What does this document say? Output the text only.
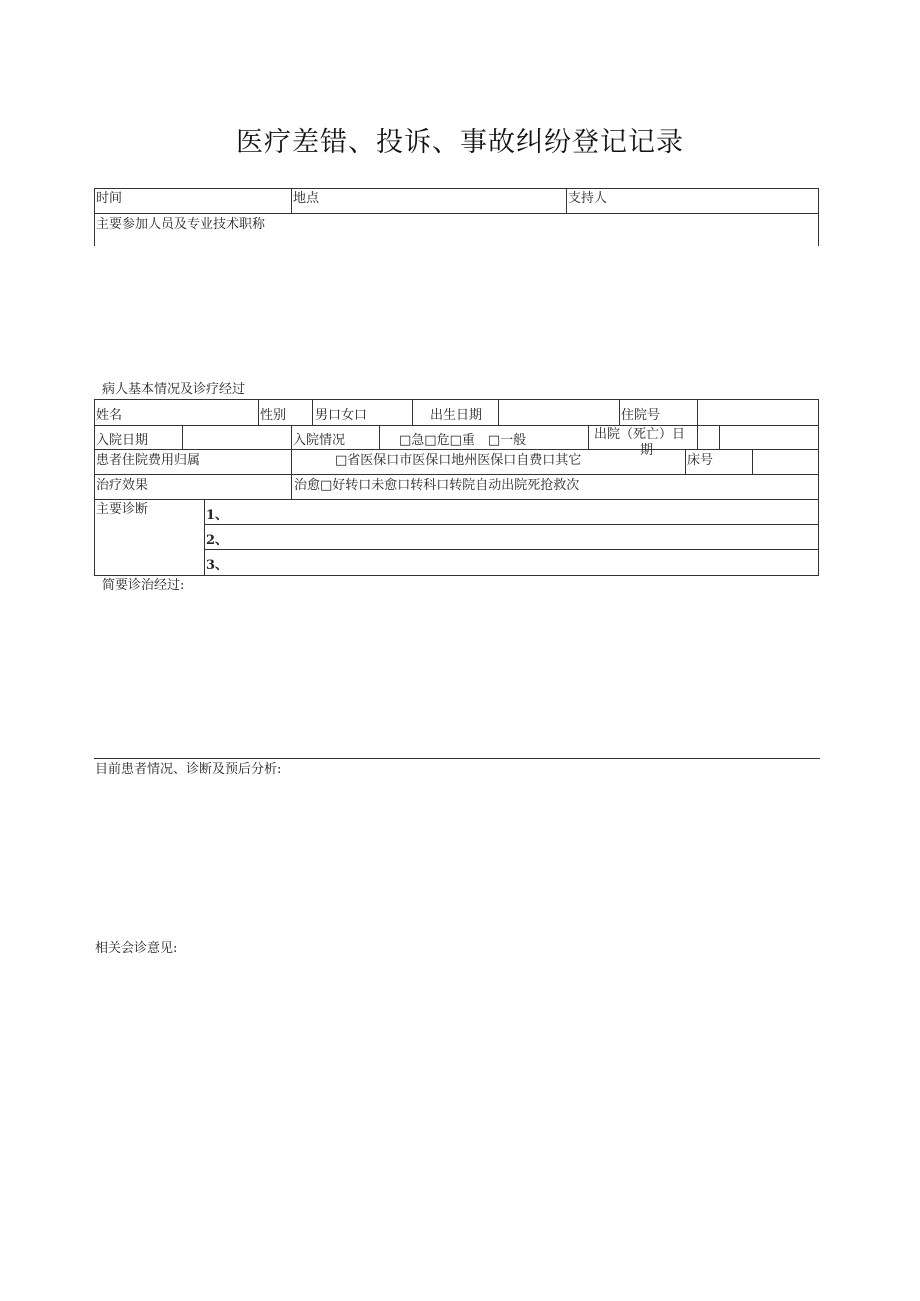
医疗差错、投诉、事故纠纷登记记录
时间	地点	支持人
主要参加人员及专业技术职称
病人基本情况及诊疗经过
姓名	性别 男口女口	出生日期	住院号
入院日期	入院情况	□急□危□重　□一般	出院（死亡）日
期
患者住院费用归属	□省医保口市医保口地州医保口自费口其它	床号
治疗效果	治愈□好转口未愈口转科口转院自动出院死抢救次
主要诊断	1、
2、
3、
简要诊治经过:
目前患者情况、诊断及预后分析:
相关会诊意见:
